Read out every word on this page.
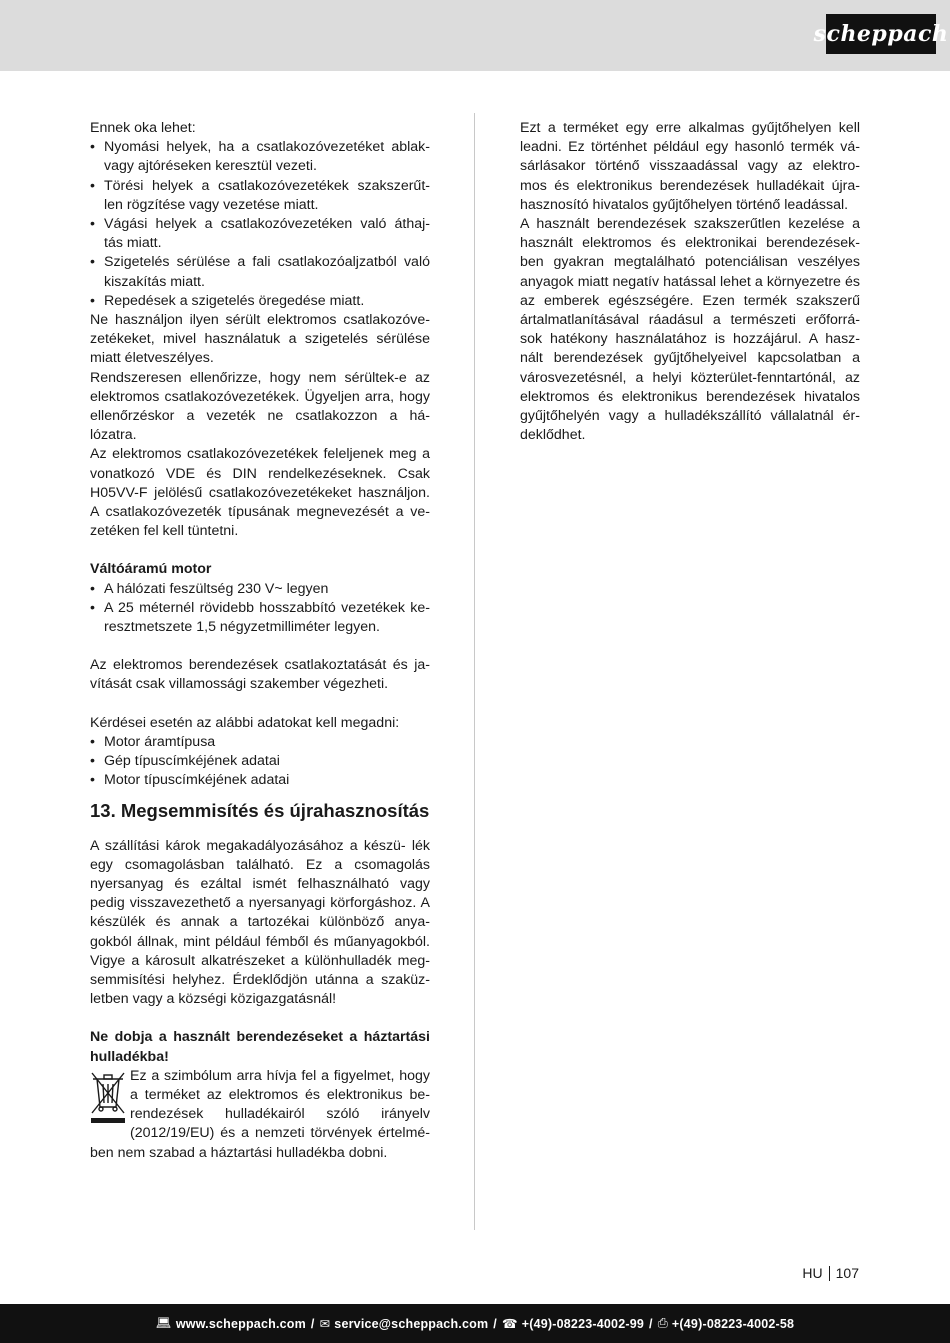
scheppach

Ennek oka lehet:

• Nyomási helyek, ha a csatlakozóvezetéket ablak- vagy ajtóréseken keresztül vezeti.
• Törési helyek a csatlakozóvezetékek szakszerűt- len rögzítése vagy vezetése miatt.
• Vágási helyek a csatlakozóvezetéken való áthaj- tás miatt.
• Szigetelés sérülése a fali csatlakozóaljzatból való kiszakítás miatt.
• Repedések a szigetelés öregedése miatt.

Ne használjon ilyen sérült elektromos csatlakozóve- zetékeket, mivel használatuk a szigetelés sérülése miatt életveszélyes.

Rendszeresen ellenőrizze, hogy nem sérültek-e az elektromos csatlakozóvezetékek. Ügyeljen arra, hogy ellenőrzéskor a vezeték ne csatlakozzon a há- lózatra.

Az elektromos csatlakozóvezetékek feleljenek meg a vonatkozó VDE és DIN rendelkezéseknek. Csak H05VV-F jelölésű csatlakozóvezetékeket használjon. A csatlakozóvezeték típusának megnevezését a ve- zetéken fel kell tüntetni.

Váltóáramú motor

• A hálózati feszültség 230 V~ legyen
• A 25 méternél rövidebb hosszabbító vezetékek ke- resztmetszete 1,5 négyzetmilliméter legyen.

Az elektromos berendezések csatlakoztatását és ja- vítását csak villamossági szakember végezheti.

Kérdései esetén az alábbi adatokat kell megadni:

• Motor áramtípusa
• Gép típuscímkéjének adatai
• Motor típuscímkéjének adatai
13. Megsemmisítés és újrahasznosítás

A szállítási károk megakadályozásához a készü- lék egy csomagolásban található. Ez a csomagolás nyersanyag és ezáltal ismét felhasználható vagy pedig visszavezethető a nyersanyagi körforgáshoz. A készülék és annak a tartozékai különböző anya- gokból állnak, mint például fémből és műanyagokból. Vigye a károsult alkatrészeket a különhulladék meg- semmisítési helyhez. Érdeklődjön utánna a szaküz- letben vagy a községi közigazgatásnál!

Ne dobja a használt berendezéseket a háztartási hulladékba!

Ez a szimbólum arra hívja fel a figyelmet, hogy a terméket az elektromos és elektronikus be- rendezések hulladékairól szóló irányelv (2012/19/EU) és a nemzeti törvények értelmé- ben nem szabad a háztartási hulladékba dobni.

Ezt a terméket egy erre alkalmas gyűjtőhelyen kell leadni. Ez történhet például egy hasonló termék vá- sárlásakor történő visszaadással vagy az elektro- mos és elektronikus berendezések hulladékait újra- hasznosító hivatalos gyűjtőhelyen történő leadással.

A használt berendezések szakszerűtlen kezelése a használt elektromos és elektronikai berendezések- ben gyakran megtalálható potenciálisan veszélyes anyagok miatt negatív hatással lehet a környezetre és az emberek egészségére. Ezen termék szakszerű ártalmatlanításával ráadásul a természeti erőforrá- sok hatékony használatához is hozzájárul. A hasz- nált berendezések gyűjtőhelyeivel kapcsolatban a városvezetésnél, a helyi közterület-fenntartónál, az elektromos és elektronikus berendezések hivatalos gyűjtőhelyén vagy a hulladékszállító vállalatnál ér- deklődhet.

HU 107
💻︎ www.scheppach.com / ✉︎ service@scheppach.com / ☎︎ +(49)-08223-4002-99 / ⎙ +(49)-08223-4002-58
